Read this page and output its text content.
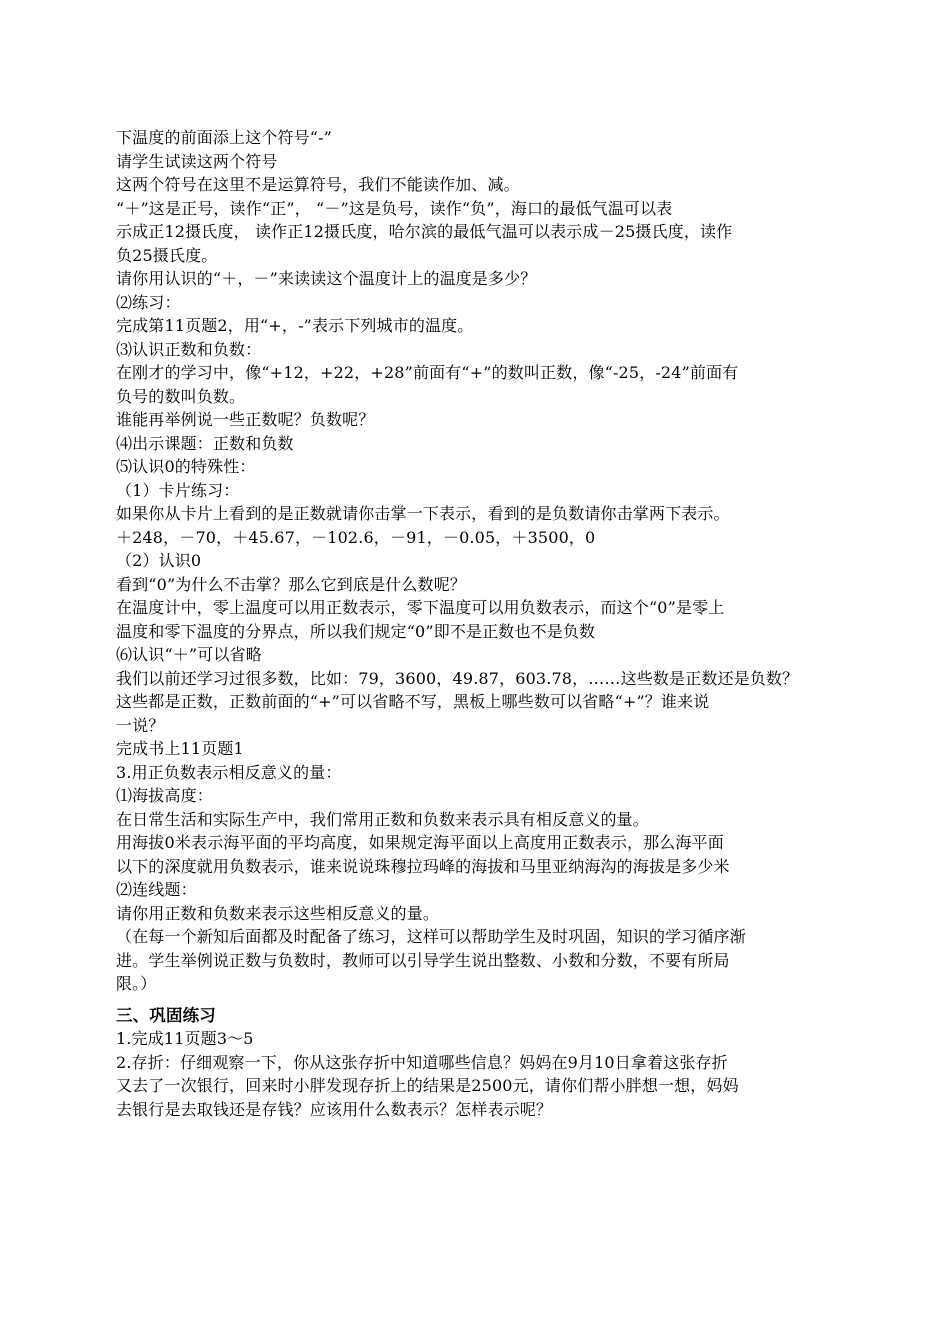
下温度的前面添上这个符号“-”
请学生试读这两个符号
这两个符号在这里不是运算符号，我们不能读作加、减。
“＋”这是正号，读作“正”， “－”这是负号，读作“负”，海口的最低气温可以表
示成正12摄氏度， 读作正12摄氏度，哈尔滨的最低气温可以表示成－25摄氏度，读作
负25摄氏度。
请你用认识的“＋，－”来读读这个温度计上的温度是多少？
⑵练习：
完成第11页题2，用“+，-”表示下列城市的温度。
⑶认识正数和负数：
在刚才的学习中，像“+12，+22，+28”前面有“+”的数叫正数，像“-25，-24”前面有
负号的数叫负数。
谁能再举例说一些正数呢？负数呢？
⑷出示课题：正数和负数
⑸认识0的特殊性：
（1）卡片练习：
如果你从卡片上看到的是正数就请你击掌一下表示，看到的是负数请你击掌两下表示。
＋248，－70，＋45.67，－102.6，－91，－0.05，＋3500，0
（2）认识0
看到“0”为什么不击掌？那么它到底是什么数呢？
在温度计中，零上温度可以用正数表示，零下温度可以用负数表示，而这个“0”是零上
温度和零下温度的分界点，所以我们规定“0”即不是正数也不是负数
⑹认识“＋”可以省略
我们以前还学习过很多数，比如：79，3600，49.87，603.78，……这些数是正数还是负数？
这些都是正数，正数前面的“+”可以省略不写，黑板上哪些数可以省略“+”？谁来说
一说？
完成书上11页题1
3.用正负数表示相反意义的量：
⑴海拔高度：
在日常生活和实际生产中，我们常用正数和负数来表示具有相反意义的量。
用海拔0米表示海平面的平均高度，如果规定海平面以上高度用正数表示，那么海平面
以下的深度就用负数表示，谁来说说珠穆拉玛峰的海拔和马里亚纳海沟的海拔是多少米
⑵连线题：
请你用正数和负数来表示这些相反意义的量。
（在每一个新知后面都及时配备了练习，这样可以帮助学生及时巩固，知识的学习循序渐
进。学生举例说正数与负数时，教师可以引导学生说出整数、小数和分数，不要有所局
限。）
三、巩固练习
1.完成11页题3～5
2.存折：仔细观察一下，你从这张存折中知道哪些信息？妈妈在9月10日拿着这张存折
又去了一次银行，回来时小胖发现存折上的结果是2500元，请你们帮小胖想一想，妈妈
去银行是去取钱还是存钱？应该用什么数表示？怎样表示呢？
